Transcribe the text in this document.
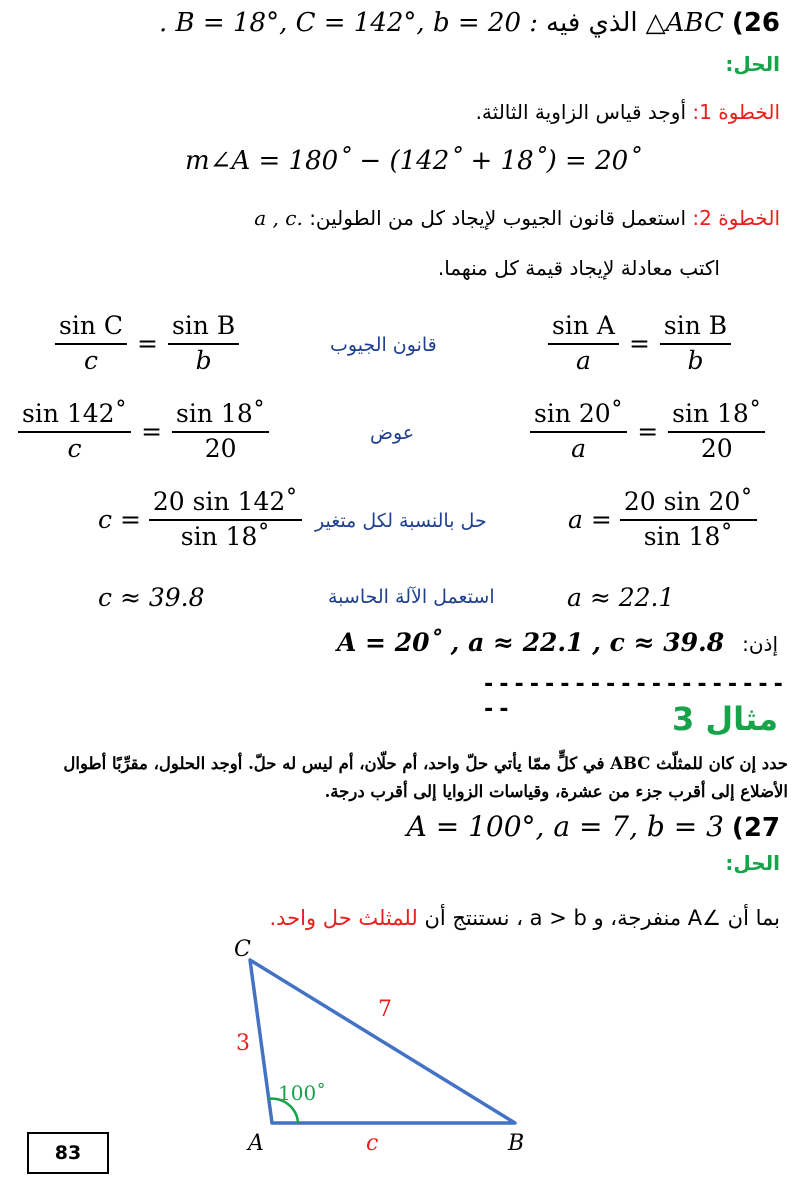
26)
△ABC
الذي فيه
. B = 18°, C = 142°, b = 20 :
الحل:
الخطوة 1: أوجد قياس الزاوية الثالثة.
m∠A = 180˚ − (142˚ + 18˚) = 20˚
الخطوة 2: استعمل قانون الجيوب لإيجاد كل من الطولين: a , c.
اكتب معادلة لإيجاد قيمة كل منهما.
$\frac{\text{sin C}}{c} = \frac{\text{sin B}}{b}$	قانون الجيوب	$\frac{\text{sin A}}{a} = \frac{\text{sin B}}{b}$
$\frac{\sin 142˚}{c} = \frac{\sin 18˚}{20}$	عوض	$\frac{\sin 20˚}{a} = \frac{\sin 18˚}{20}$
$c = \frac{20 \sin 142˚}{\sin 18˚}$ حل بالنسبة لكل متغير	$a = \frac{20 \sin 20˚}{\sin 18˚}$
c ≈ 39.8	استعمل الآلة الحاسبة	a ≈ 22.1
إذن:
A = 20˚ , a ≈ 22.1 , c ≈ 39.8
----------------------	مثال 3
حدد إن كان للمثلّث ABC في كلٍّ ممّا يأتي حلّ واحد، أم حلّان، أم ليس له حلّ. أوجد الحلول، مقرِّبًا أطوال الأضلاع إلى أقرب جزء من عشرة، وقياسات الزوايا إلى أقرب درجة.
27)
A = 100°, a = 7, b = 3
الحل:
بما أن ∠A منفرجة، و a > b ، نستنتج أن للمثلث حل واحد.
C
A	B
3
7
c
100˚
83
